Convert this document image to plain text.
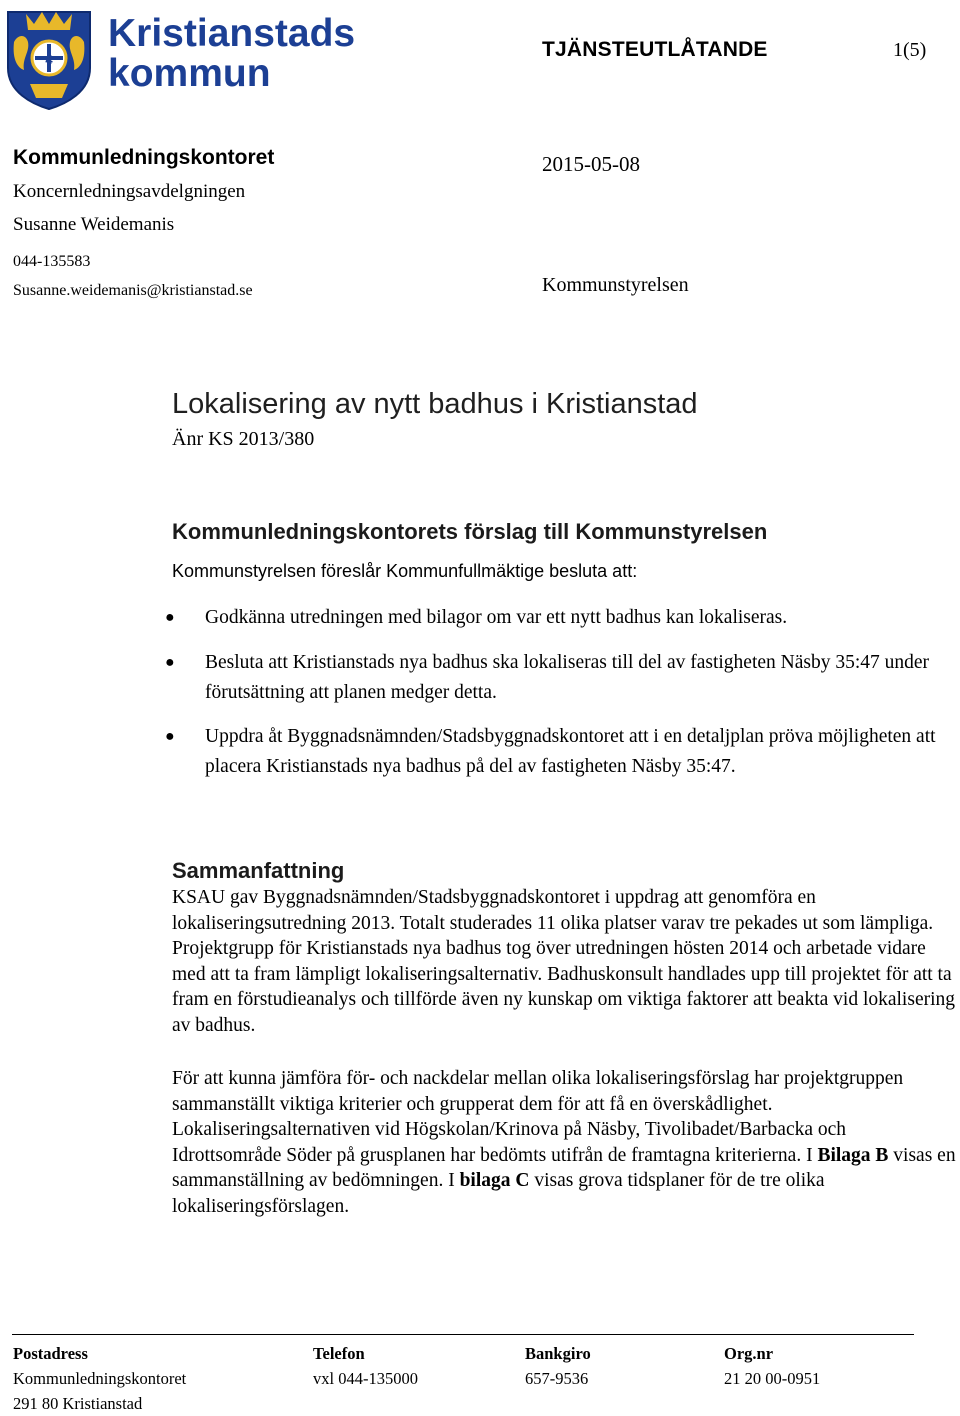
4
Kristianstads
kommun
TJÄNSTEUTLÅTANDE	1(5)
Kommunledningskontoret
Koncernledningsavdelgningen
Susanne Weidemanis
044-135583
Susanne.weidemanis@kristianstad.se
2015-05-08
Kommunstyrelsen
Lokalisering av nytt badhus i Kristianstad
Änr KS 2013/380
Kommunledningskontorets förslag till Kommunstyrelsen
Kommunstyrelsen föreslår Kommunfullmäktige besluta att:
● Godkänna utredningen med bilagor om var ett nytt badhus kan lokaliseras.
● Besluta att Kristianstads nya badhus ska lokaliseras till del av fastigheten Näsby 35:47 under förutsättning att planen medger detta.
● Uppdra åt Byggnadsnämnden/Stadsbyggnadskontoret att i en detaljplan pröva möjligheten att placera Kristianstads nya badhus på del av fastigheten Näsby 35:47.
Sammanfattning
KSAU gav Byggnadsnämnden/Stadsbyggnadskontoret i uppdrag att genomföra en lokaliseringsutredning 2013. Totalt studerades 11 olika platser varav tre pekades ut som lämpliga. Projektgrupp för Kristianstads nya badhus tog över utredningen hösten 2014 och arbetade vidare med att ta fram lämpligt lokaliseringsalternativ. Badhuskonsult handlades upp till projektet för att ta fram en förstudieanalys och tillförde även ny kunskap om viktiga faktorer att beakta vid lokalisering av badhus.
För att kunna jämföra för- och nackdelar mellan olika lokaliseringsförslag har projektgruppen sammanställt viktiga kriterier och grupperat dem för att få en överskådlighet. Lokaliseringsalternativen vid Högskolan/Krinova på Näsby, Tivolibadet/Barbacka och Idrottsområde Söder på grusplanen har bedömts utifrån de framtagna kriterierna. I Bilaga B visas en sammanställning av bedömningen. I bilaga C visas grova tidsplaner för de tre olika lokaliseringsförslagen.
Postadress
Kommunledningskontoret
291 80 Kristianstad
Telefon
vxl 044-135000
Bankgiro
657-9536
Org.nr
21 20 00-0951
